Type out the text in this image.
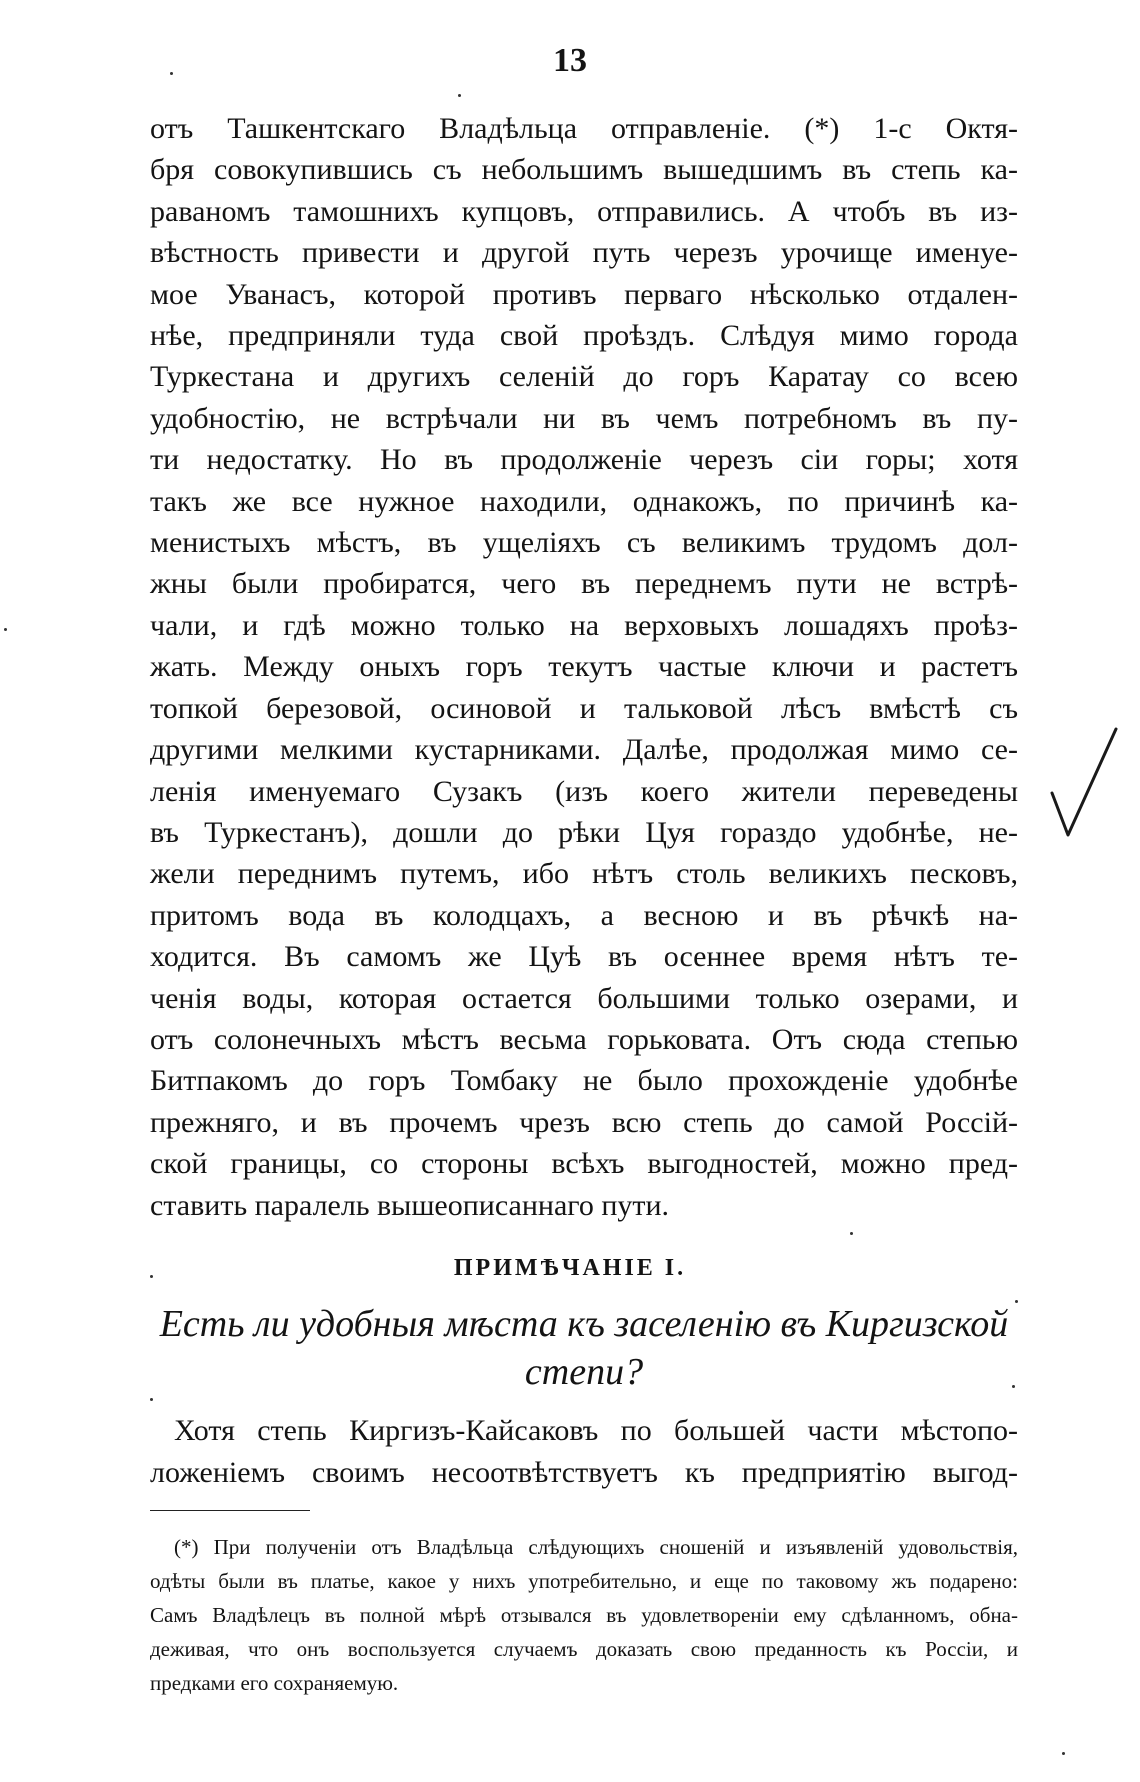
13
отъ Ташкентскаго Владѣльца отправленіе. (*) 1-с Октя-
бря совокупившись съ небольшимъ вышедшимъ въ степь ка-
раваномъ тамошнихъ купцовъ, отправились. А чтобъ въ из-
вѣстность привести и другой путь черезъ урочище именуе-
мое Уванасъ, которой противъ перваго нѣсколько отдален-
нѣе, предприняли туда свой проѣздъ. Слѣдуя мимо города
Туркестана и другихъ селеній до горъ Каратау со всею
удобностію, не встрѣчали ни въ чемъ потребномъ въ пу-
ти недостатку. Но въ продолженіе черезъ сіи горы; хотя
такъ же все нужное находили, однакожъ, по причинѣ ка-
менистыхъ мѣстъ, въ ущеліяхъ съ великимъ трудомъ дол-
жны были пробиратся, чего въ переднемъ пути не встрѣ-
чали, и гдѣ можно только на верховыхъ лошадяхъ проѣз-
жать. Между оныхъ горъ текутъ частые ключи и растетъ
топкой березовой, осиновой и тальковой лѣсъ вмѣстѣ съ
другими мелкими кустарниками. Далѣе, продолжая мимо се-
ленія именуемаго Сузакъ (изъ коего жители переведены
въ Туркестанъ), дошли до рѣки Цуя гораздо удобнѣе, не-
жели переднимъ путемъ, ибо нѣтъ столь великихъ песковъ,
притомъ вода въ колодцахъ, а весною и въ рѣчкѣ на-
ходится. Въ самомъ же Цуѣ въ осеннее время нѣтъ те-
ченія воды, которая остается большими только озерами, и
отъ солонечныхъ мѣстъ весьма горьковата. Отъ сюда степью
Битпакомъ до горъ Томбаку не было прохожденіе удобнѣе
прежняго, и въ прочемъ чрезъ всю степь до самой Россій-
ской границы, со стороны всѣхъ выгодностей, можно пред-
ставить паралель вышеописаннаго пути.
ПРИМѢЧАНІЕ I.
Есть ли удобныя мѣста къ заселенію въ Киргизской
степи?
Хотя степь Киргизъ-Кайсаковъ по большей части мѣстопо-
ложеніемъ своимъ несоотвѣтствуетъ къ предприятію выгод-
(*) При полученіи отъ Владѣльца слѣдующихъ сношеній и изъявленій удовольствія,
одѣты были въ платье, какое у нихъ употребительно, и еще по таковому жъ подарено:
Самъ Владѣлецъ въ полной мѣрѣ отзывался въ удовлетвореніи ему сдѣланномъ, обна-
деживая, что онъ воспользуется случаемъ доказать свою преданность къ Россіи, и
предками его сохраняемую.
